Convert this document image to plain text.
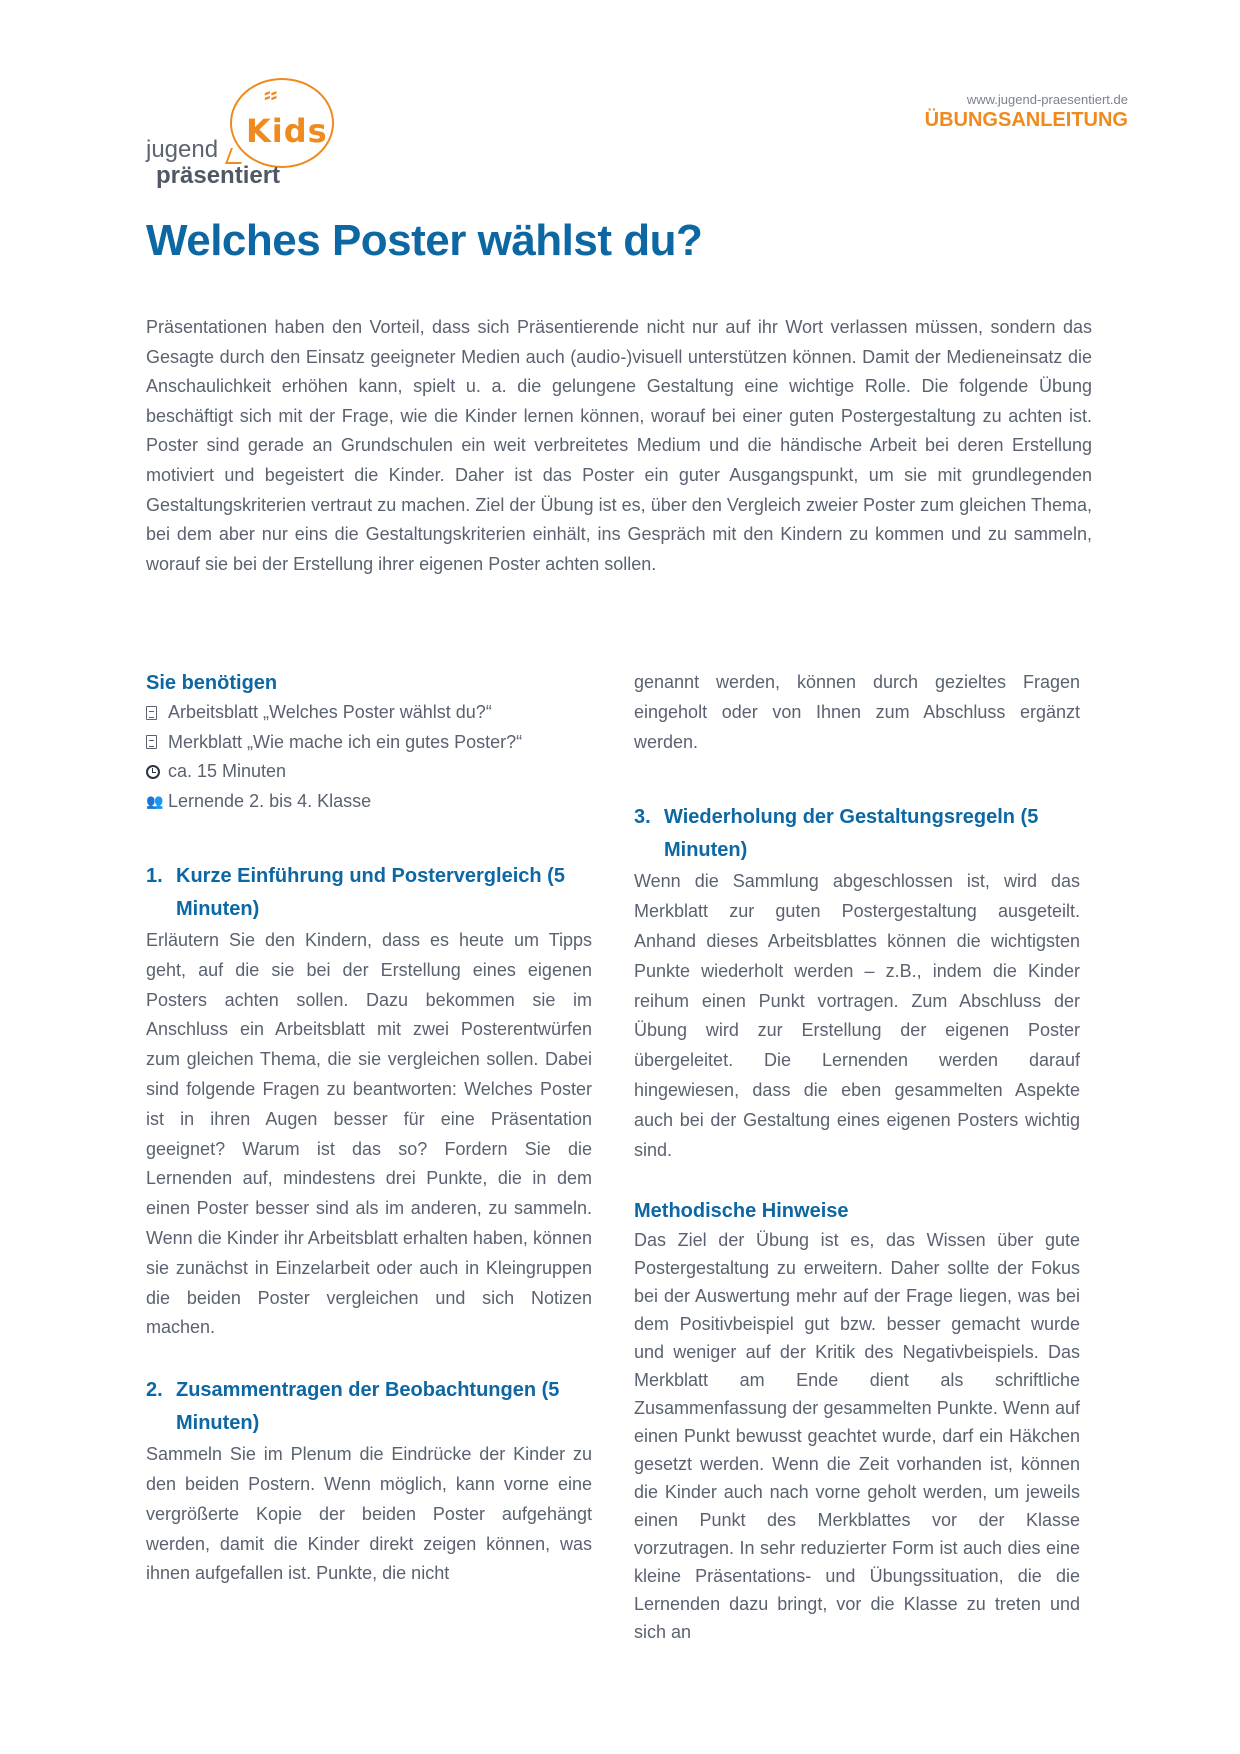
⸗⸗
Kids
jugend
präsentiert
www.jugend-praesentiert.de
ÜBUNGSANLEITUNG
Welches Poster wählst du?

Präsentationen haben den Vorteil, dass sich Präsentierende nicht nur auf ihr Wort verlassen müssen, sondern das Gesagte durch den Einsatz geeigneter Medien auch (audio-)visuell unterstützen können. Damit der Medieneinsatz die Anschaulichkeit erhöhen kann, spielt u. a. die gelungene Gestaltung eine wichtige Rolle. Die folgende Übung beschäftigt sich mit der Frage, wie die Kinder lernen können, worauf bei einer guten Postergestaltung zu achten ist. Poster sind gerade an Grundschulen ein weit verbreitetes Medium und die händische Arbeit bei deren Erstellung motiviert und begeistert die Kinder. Daher ist das Poster ein guter Ausgangspunkt, um sie mit grundlegenden Gestaltungskriterien vertraut zu machen. Ziel der Übung ist es, über den Vergleich zweier Poster zum gleichen Thema, bei dem aber nur eins die Gestaltungskriterien einhält, ins Gespräch mit den Kindern zu kommen und zu sammeln, worauf sie bei der Erstellung ihrer eigenen Poster achten sollen.

Sie benötigen
Arbeitsblatt „Welches Poster wählst du?“
Merkblatt „Wie mache ich ein gutes Poster?“
ca. 15 Minuten
👥 Lernende 2. bis 4. Klasse
1. Kurze Einführung und Postervergleich (5 Minuten)

Erläutern Sie den Kindern, dass es heute um Tipps geht, auf die sie bei der Erstellung eines eigenen Posters achten sollen. Dazu bekommen sie im Anschluss ein Arbeitsblatt mit zwei Posterentwürfen zum gleichen Thema, die sie vergleichen sollen. Dabei sind folgende Fragen zu beantworten: Welches Poster ist in ihren Augen besser für eine Präsentation geeignet? Warum ist das so? Fordern Sie die Lernenden auf, mindestens drei Punkte, die in dem einen Poster besser sind als im anderen, zu sammeln. Wenn die Kinder ihr Arbeitsblatt erhalten haben, können sie zunächst in Einzelarbeit oder auch in Kleingruppen die beiden Poster vergleichen und sich Notizen machen.

2. Zusammentragen der Beobachtungen (5 Minuten)

Sammeln Sie im Plenum die Eindrücke der Kinder zu den beiden Postern. Wenn möglich, kann vorne eine vergrößerte Kopie der beiden Poster aufgehängt werden, damit die Kinder direkt zeigen können, was ihnen aufgefallen ist. Punkte, die nicht

genannt werden, können durch gezieltes Fragen eingeholt oder von Ihnen zum Abschluss ergänzt werden.

3. Wiederholung der Gestaltungsregeln (5 Minuten)

Wenn die Sammlung abgeschlossen ist, wird das Merkblatt zur guten Postergestaltung ausgeteilt. Anhand dieses Arbeitsblattes können die wichtigsten Punkte wiederholt werden – z.B., indem die Kinder reihum einen Punkt vortragen. Zum Abschluss der Übung wird zur Erstellung der eigenen Poster übergeleitet. Die Lernenden werden darauf hingewiesen, dass die eben gesammelten Aspekte auch bei der Gestaltung eines eigenen Posters wichtig sind.

Methodische Hinweise

Das Ziel der Übung ist es, das Wissen über gute Postergestaltung zu erweitern. Daher sollte der Fokus bei der Auswertung mehr auf der Frage liegen, was bei dem Positivbeispiel gut bzw. besser gemacht wurde und weniger auf der Kritik des Negativbeispiels. Das Merkblatt am Ende dient als schriftliche Zusammenfassung der gesammelten Punkte. Wenn auf einen Punkt bewusst geachtet wurde, darf ein Häkchen gesetzt werden. Wenn die Zeit vorhanden ist, können die Kinder auch nach vorne geholt werden, um jeweils einen Punkt des Merkblattes vor der Klasse vorzutragen. In sehr reduzierter Form ist auch dies eine kleine Präsentations- und Übungssituation, die die Lernenden dazu bringt, vor die Klasse zu treten und sich an
